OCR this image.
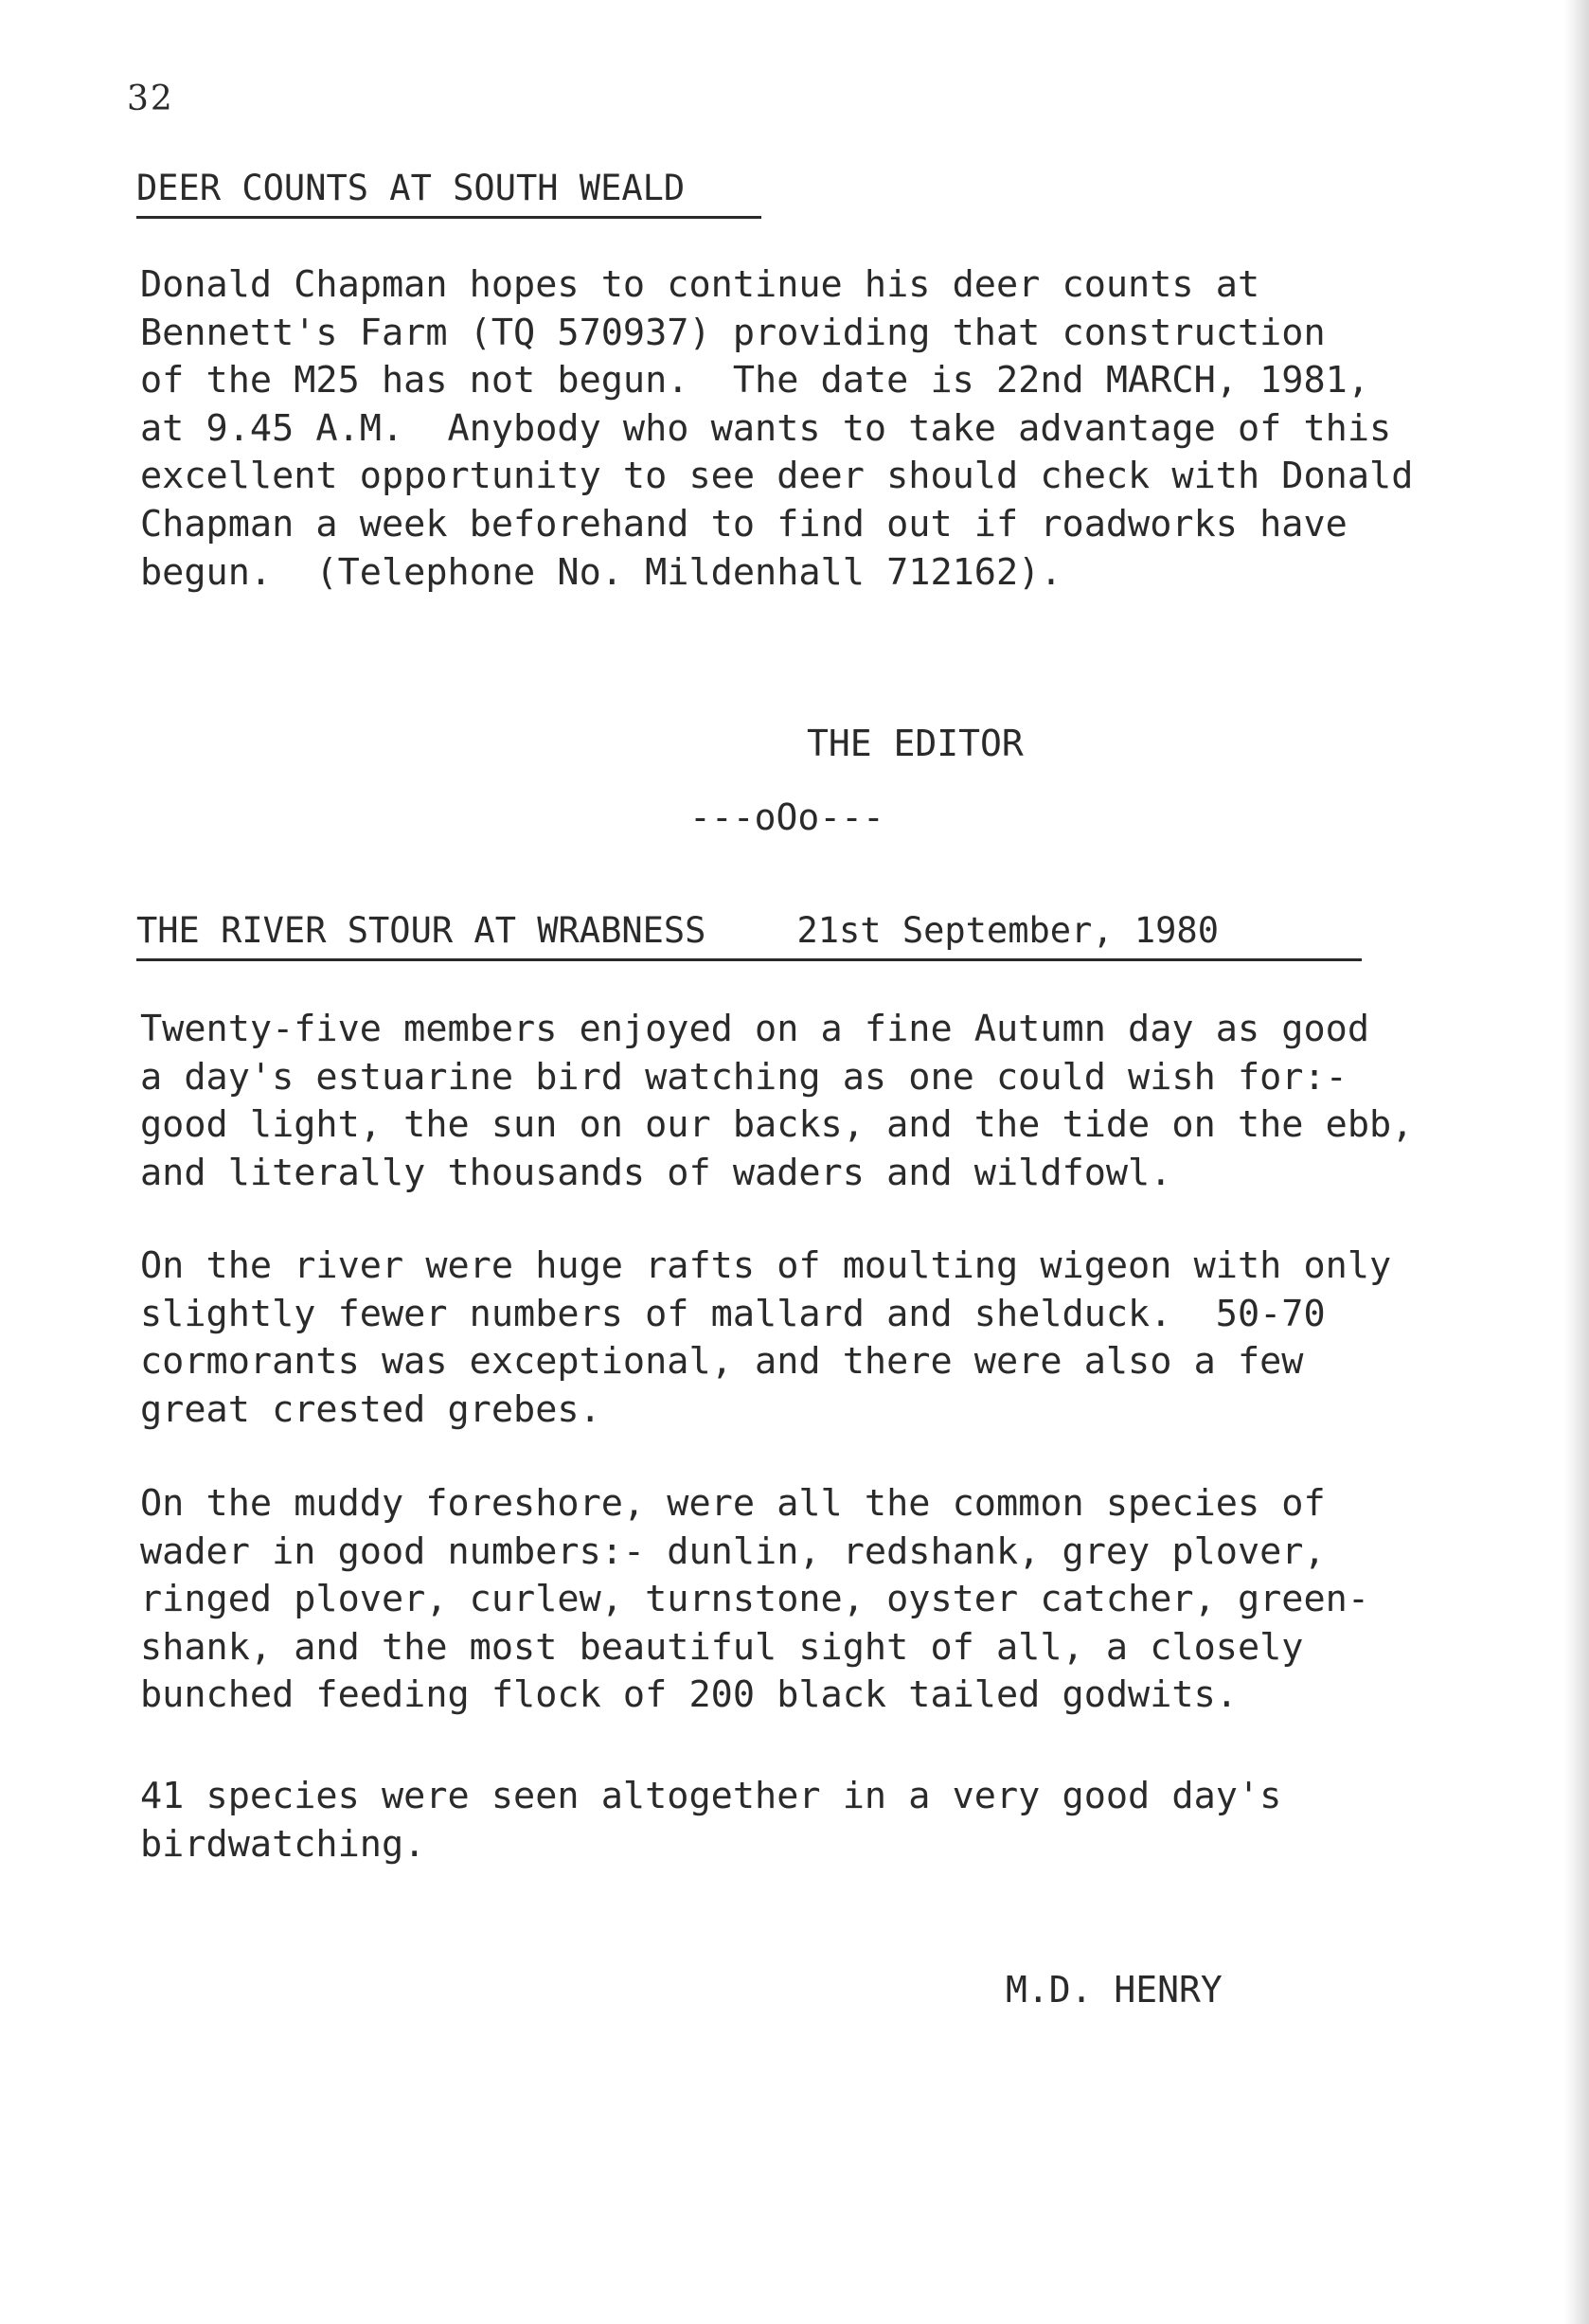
32
DEER COUNTS AT SOUTH WEALD

Donald Chapman hopes to continue his deer counts at
Bennett's Farm (TQ 570937) providing that construction
of the M25 has not begun.  The date is 22nd MARCH, 1981,
at 9.45 A.M.  Anybody who wants to take advantage of this
excellent opportunity to see deer should check with Donald
Chapman a week beforehand to find out if roadworks have
begun.  (Telephone No. Mildenhall 712162).

THE EDITOR
---oOo---
THE RIVER STOUR AT WRABNESS	21st September, 1980

Twenty-five members enjoyed on a fine Autumn day as good
a day's estuarine bird watching as one could wish for:-
good light, the sun on our backs, and the tide on the ebb,
and literally thousands of waders and wildfowl.

On the river were huge rafts of moulting wigeon with only
slightly fewer numbers of mallard and shelduck.  50-70
cormorants was exceptional, and there were also a few
great crested grebes.

On the muddy foreshore, were all the common species of
wader in good numbers:- dunlin, redshank, grey plover,
ringed plover, curlew, turnstone, oyster catcher, green-
shank, and the most beautiful sight of all, a closely
bunched feeding flock of 200 black tailed godwits.

41 species were seen altogether in a very good day's
birdwatching.

M.D. HENRY
